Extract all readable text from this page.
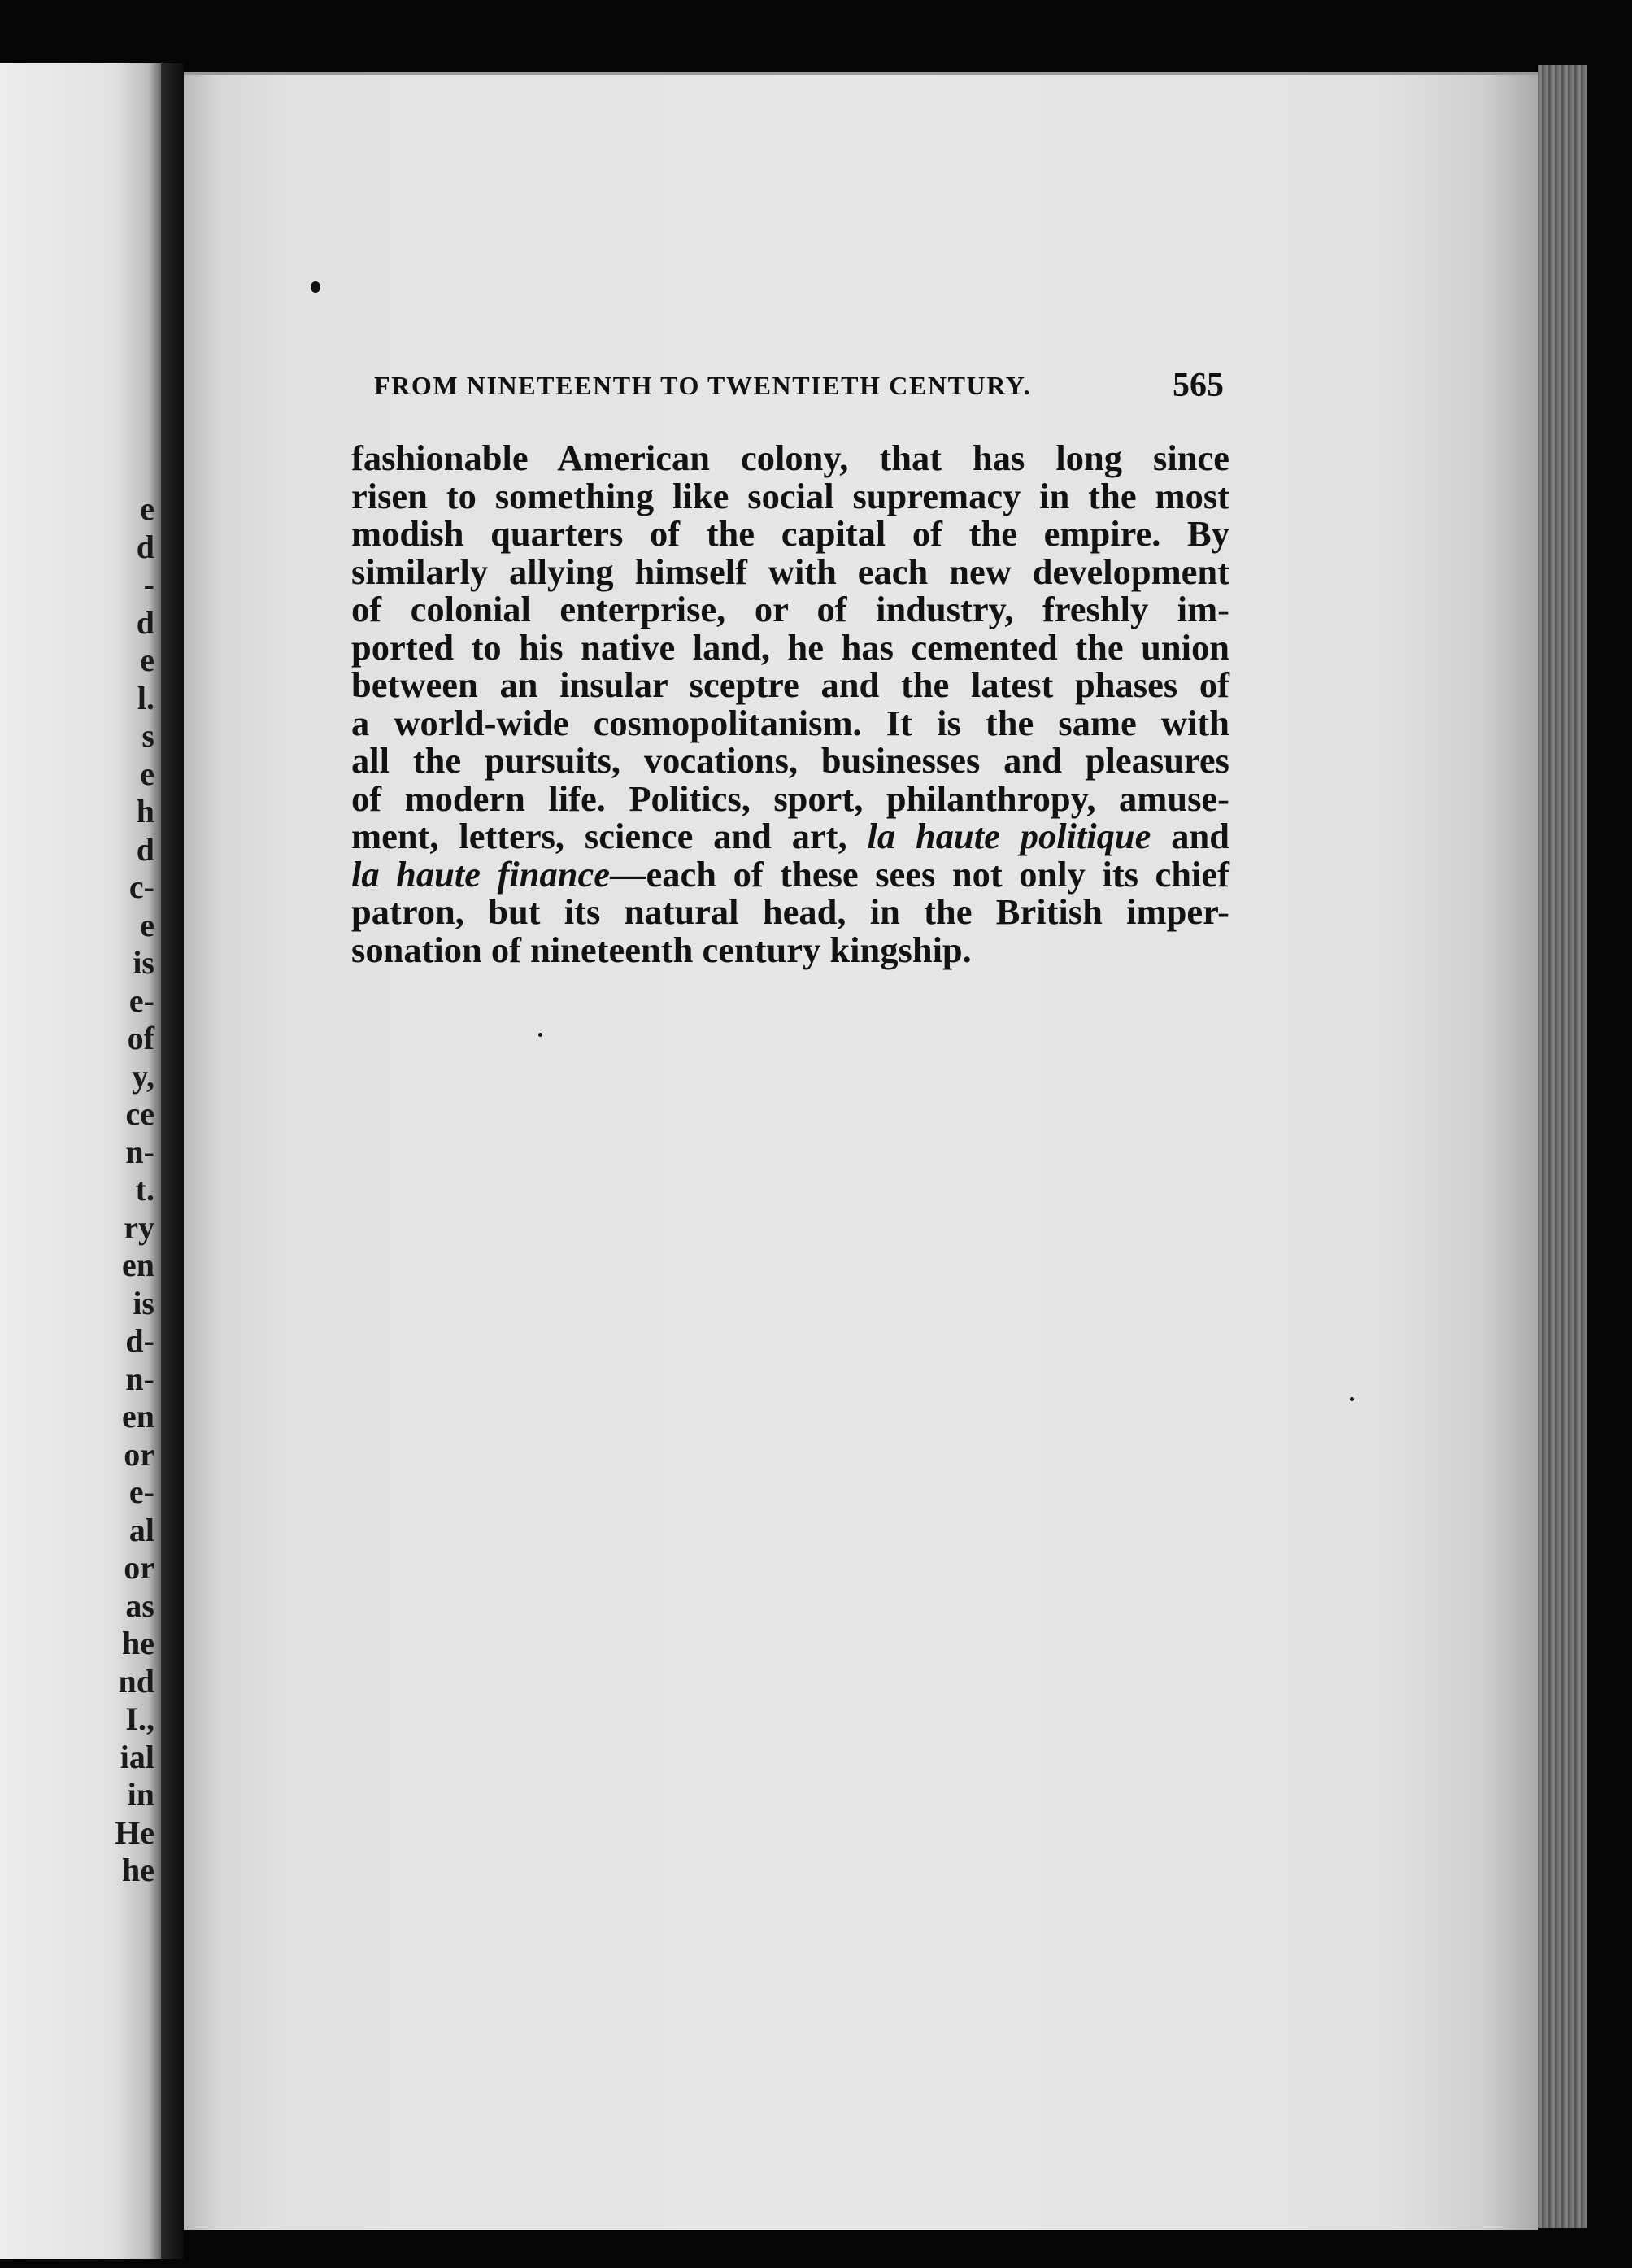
e
d
-
d
e
l.
s
e
h
d
c-
e
is
e-
of
y,
ce
n-
t.
ry
en
is
d-
n-
en
or
e-
al
or
as
he
nd
I.,
ial
in
He
he
FROM NINETEENTH TO TWENTIETH CENTURY.	565
fashionable American colony, that has long since
risen to something like social supremacy in the most
modish quarters of the capital of the empire. By
similarly allying himself with each new development
of colonial enterprise, or of industry, freshly im-
ported to his native land, he has cemented the union
between an insular sceptre and the latest phases of
a world-wide cosmopolitanism. It is the same with
all the pursuits, vocations, businesses and pleasures
of modern life. Politics, sport, philanthropy, amuse-
ment, letters, science and art, la haute politique and
la haute finance—each of these sees not only its chief
patron, but its natural head, in the British imper-
sonation of nineteenth century kingship.
